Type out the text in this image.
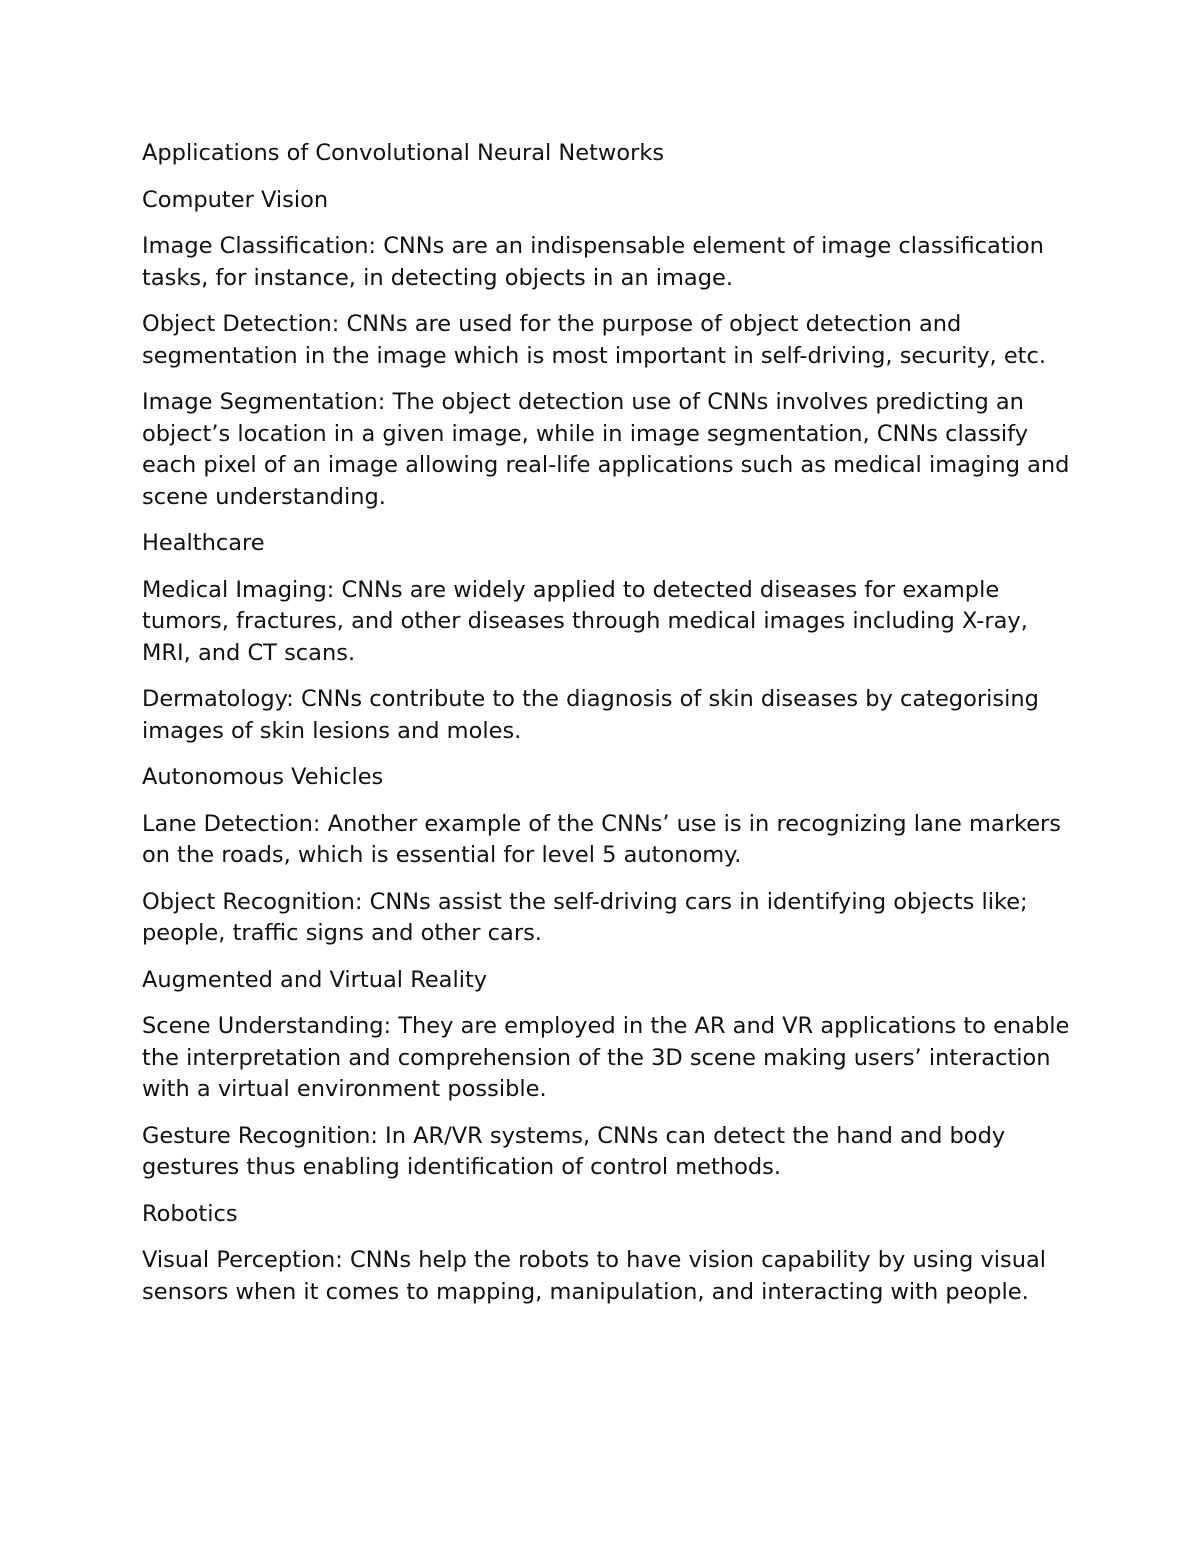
Applications of Convolutional Neural Networks

Computer Vision

Image Classification: CNNs are an indispensable element of image classification tasks, for instance, in detecting objects in an image.

Object Detection: CNNs are used for the purpose of object detection and segmentation in the image which is most important in self-driving, security, etc.

Image Segmentation: The object detection use of CNNs involves predicting an object’s location in a given image, while in image segmentation, CNNs classify each pixel of an image allowing real-life applications such as medical imaging and scene understanding.

Healthcare

Medical Imaging: CNNs are widely applied to detected diseases for example tumors, fractures, and other diseases through medical images including X-ray, MRI, and CT scans.

Dermatology: CNNs contribute to the diagnosis of skin diseases by categorising images of skin lesions and moles.

Autonomous Vehicles

Lane Detection: Another example of the CNNs’ use is in recognizing lane markers on the roads, which is essential for level 5 autonomy.

Object Recognition: CNNs assist the self-driving cars in identifying objects like; people, traffic signs and other cars.

Augmented and Virtual Reality

Scene Understanding: They are employed in the AR and VR applications to enable the interpretation and comprehension of the 3D scene making users’ interaction with a virtual environment possible.

Gesture Recognition: In AR/VR systems, CNNs can detect the hand and body gestures thus enabling identification of control methods.

Robotics

Visual Perception: CNNs help the robots to have vision capability by using visual sensors when it comes to mapping, manipulation, and interacting with people.
